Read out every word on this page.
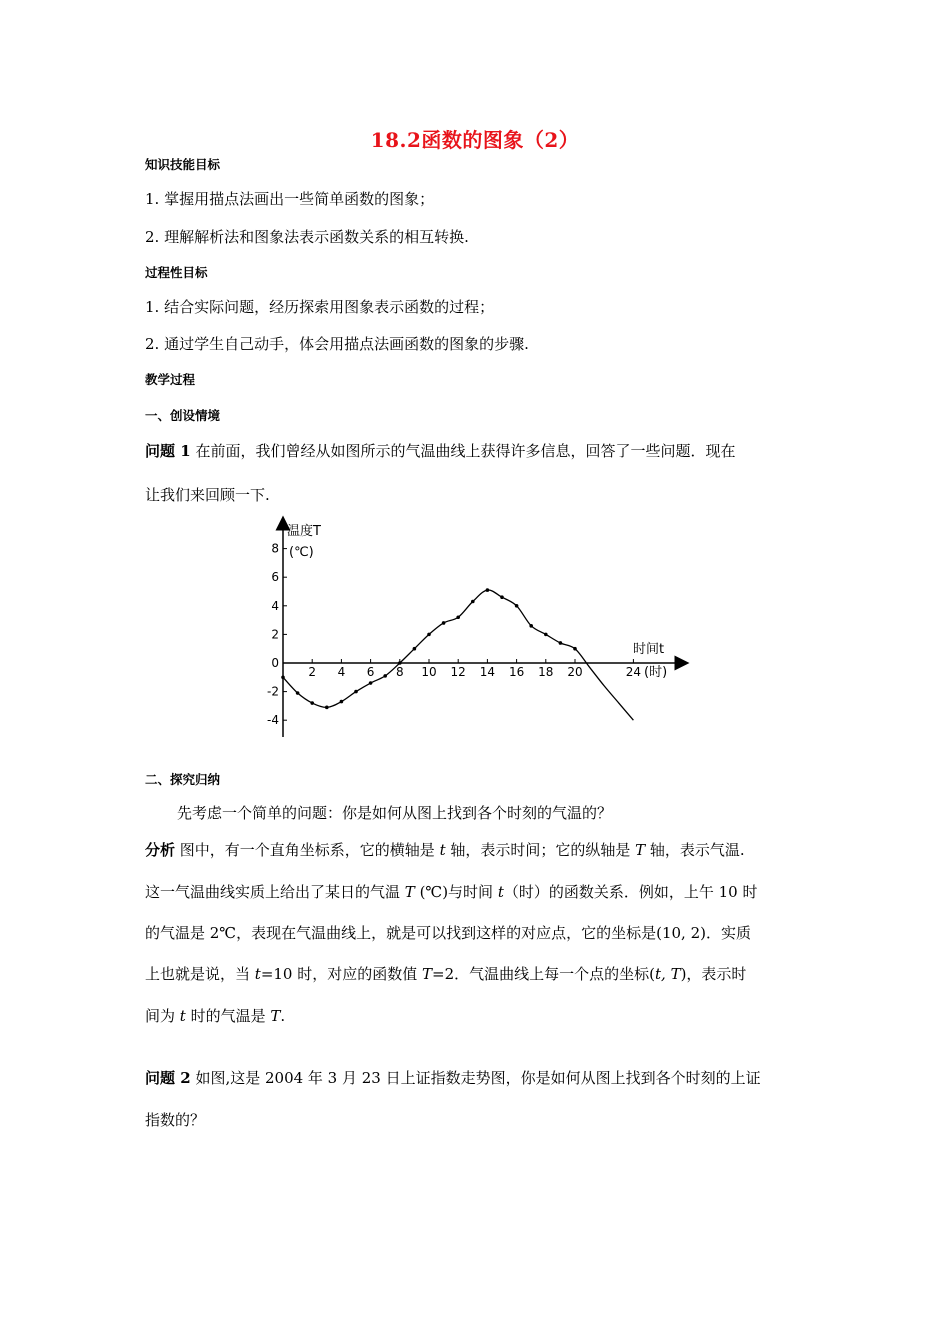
18.2函数的图象（2）
知识技能目标
1. 掌握用描点法画出一些简单函数的图象；
2. 理解解析法和图象法表示函数关系的相互转换.
过程性目标
1. 结合实际问题，经历探索用图象表示函数的过程；
2. 通过学生自己动手，体会用描点法画函数的图象的步骤.
教学过程
一、创设情境
问题 1 在前面，我们曾经从如图所示的气温曲线上获得许多信息，回答了一些问题．现在
让我们来回顾一下.
8
6
4
2
0
-2
-4
2 4 6 8 10 12 14 16 18 20	24
温度T
(℃)
时间t
(时)
二、探究归纳
先考虑一个简单的问题：你是如何从图上找到各个时刻的气温的？
分析 图中，有一个直角坐标系，它的横轴是 t 轴，表示时间；它的纵轴是 T 轴，表示气温.
这一气温曲线实质上给出了某日的气温 T (℃)与时间 t（时）的函数关系．例如，上午 10 时
的气温是 2℃，表现在气温曲线上，就是可以找到这样的对应点，它的坐标是(10, 2)．实质
上也就是说，当 t=10 时，对应的函数值 T=2．气温曲线上每一个点的坐标(t, T)，表示时
间为 t 时的气温是 T.
问题 2 如图,这是 2004 年 3 月 23 日上证指数走势图，你是如何从图上找到各个时刻的上证
指数的？
